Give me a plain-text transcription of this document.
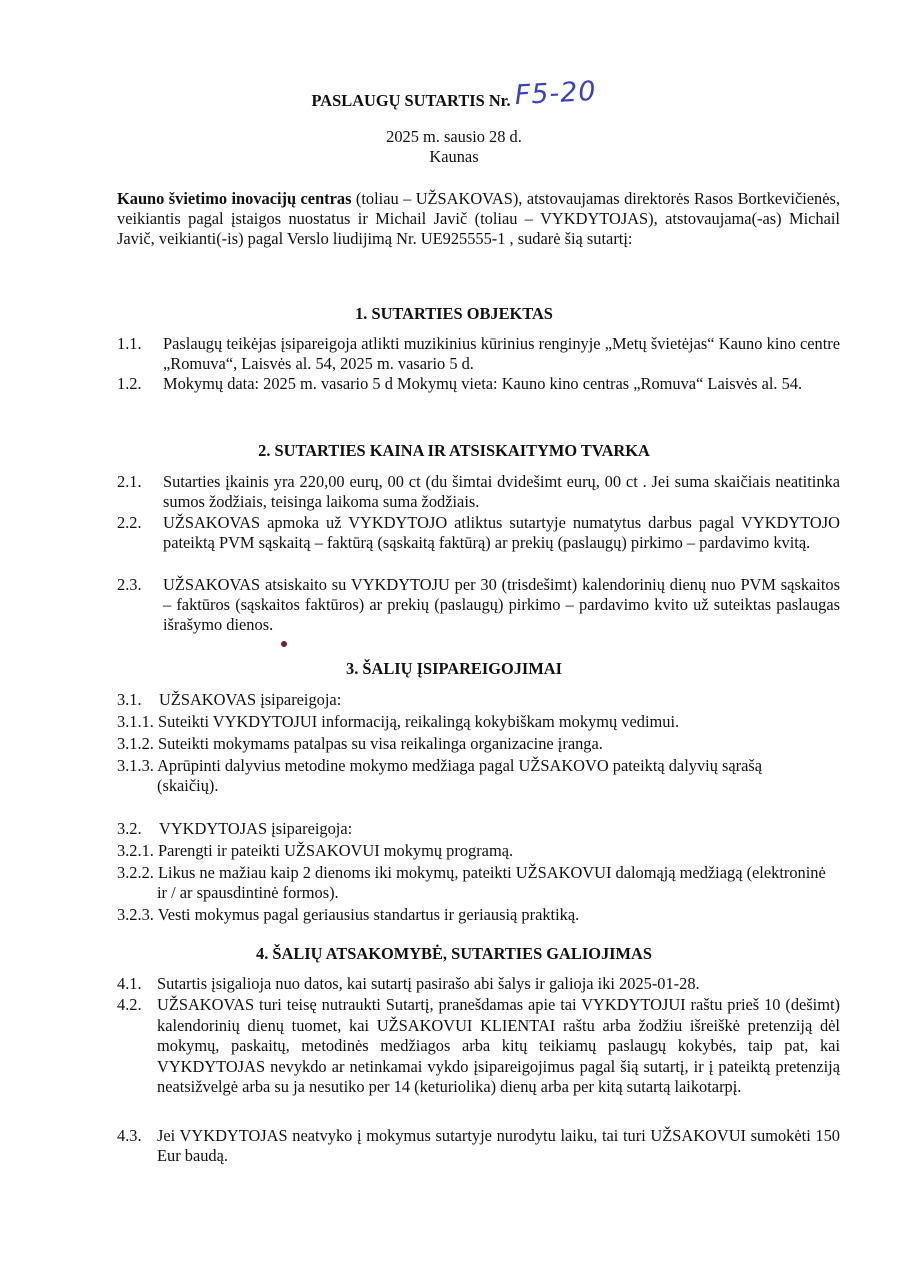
PASLAUGŲ SUTARTIS Nr. F5-20
2025 m. sausio 28 d.
Kaunas
Kauno švietimo inovacijų centras (toliau – UŽSAKOVAS), atstovaujamas direktorės Rasos Bortkevičienės, veikiantis pagal įstaigos nuostatus ir Michail Javič (toliau – VYKDYTOJAS), atstovaujama(-as) Michail Javič, veikianti(-is) pagal Verslo liudijimą Nr. UE925555-1 , sudarė šią sutartį:
1. SUTARTIES OBJEKTAS
1.1. Paslaugų teikėjas įsipareigoja atlikti muzikinius kūrinius renginyje „Metų švietėjas“ Kauno kino centre „Romuva“, Laisvės al. 54, 2025 m. vasario 5 d.
1.2. Mokymų data: 2025 m. vasario 5 d Mokymų vieta: Kauno kino centras „Romuva“ Laisvės al. 54.
2. SUTARTIES KAINA IR ATSISKAITYMO TVARKA
2.1. Sutarties įkainis yra 220,00 eurų, 00 ct (du šimtai dvidešimt eurų, 00 ct . Jei suma skaičiais neatitinka sumos žodžiais, teisinga laikoma suma žodžiais.
2.2. UŽSAKOVAS apmoka už VYKDYTOJO atliktus sutartyje numatytus darbus pagal VYKDYTOJO pateiktą PVM sąskaitą – faktūrą (sąskaitą faktūrą) ar prekių (paslaugų) pirkimo – pardavimo kvitą.
2.3. UŽSAKOVAS atsiskaito su VYKDYTOJU per 30 (trisdešimt) kalendorinių dienų nuo PVM sąskaitos – faktūros (sąskaitos faktūros) ar prekių (paslaugų) pirkimo – pardavimo kvito už suteiktas paslaugas išrašymo dienos.
3. ŠALIŲ ĮSIPAREIGOJIMAI
3.1. UŽSAKOVAS įsipareigoja:
3.1.1. Suteikti VYKDYTOJUI informaciją, reikalingą kokybiškam mokymų vedimui.
3.1.2. Suteikti mokymams patalpas su visa reikalinga organizacine įranga.
3.1.3. Aprūpinti dalyvius metodine mokymo medžiaga pagal UŽSAKOVO pateiktą dalyvių sąrašą (skaičių).
3.2. VYKDYTOJAS įsipareigoja:
3.2.1. Parengti ir pateikti UŽSAKOVUI mokymų programą.
3.2.2. Likus ne mažiau kaip 2 dienoms iki mokymų, pateikti UŽSAKOVUI dalomąją medžiagą (elektroninė ir / ar spausdintinė formos).
3.2.3. Vesti mokymus pagal geriausius standartus ir geriausią praktiką.
4. ŠALIŲ ATSAKOMYBĖ, SUTARTIES GALIOJIMAS
4.1. Sutartis įsigalioja nuo datos, kai sutartį pasirašo abi šalys ir galioja iki 2025-01-28.
4.2. UŽSAKOVAS turi teisę nutraukti Sutartį, pranešdamas apie tai VYKDYTOJUI raštu prieš 10 (dešimt) kalendorinių dienų tuomet, kai UŽSAKOVUI KLIENTAI raštu arba žodžiu išreiškė pretenziją dėl mokymų, paskaitų, metodinės medžiagos arba kitų teikiamų paslaugų kokybės, taip pat, kai VYKDYTOJAS nevykdo ar netinkamai vykdo įsipareigojimus pagal šią sutartį, ir į pateiktą pretenziją neatsižvelgė arba su ja nesutiko per 14 (keturiolika) dienų arba per kitą sutartą laikotarpį.
4.3. Jei VYKDYTOJAS neatvyko į mokymus sutartyje nurodytu laiku, tai turi UŽSAKOVUI sumokėti 150 Eur baudą.
